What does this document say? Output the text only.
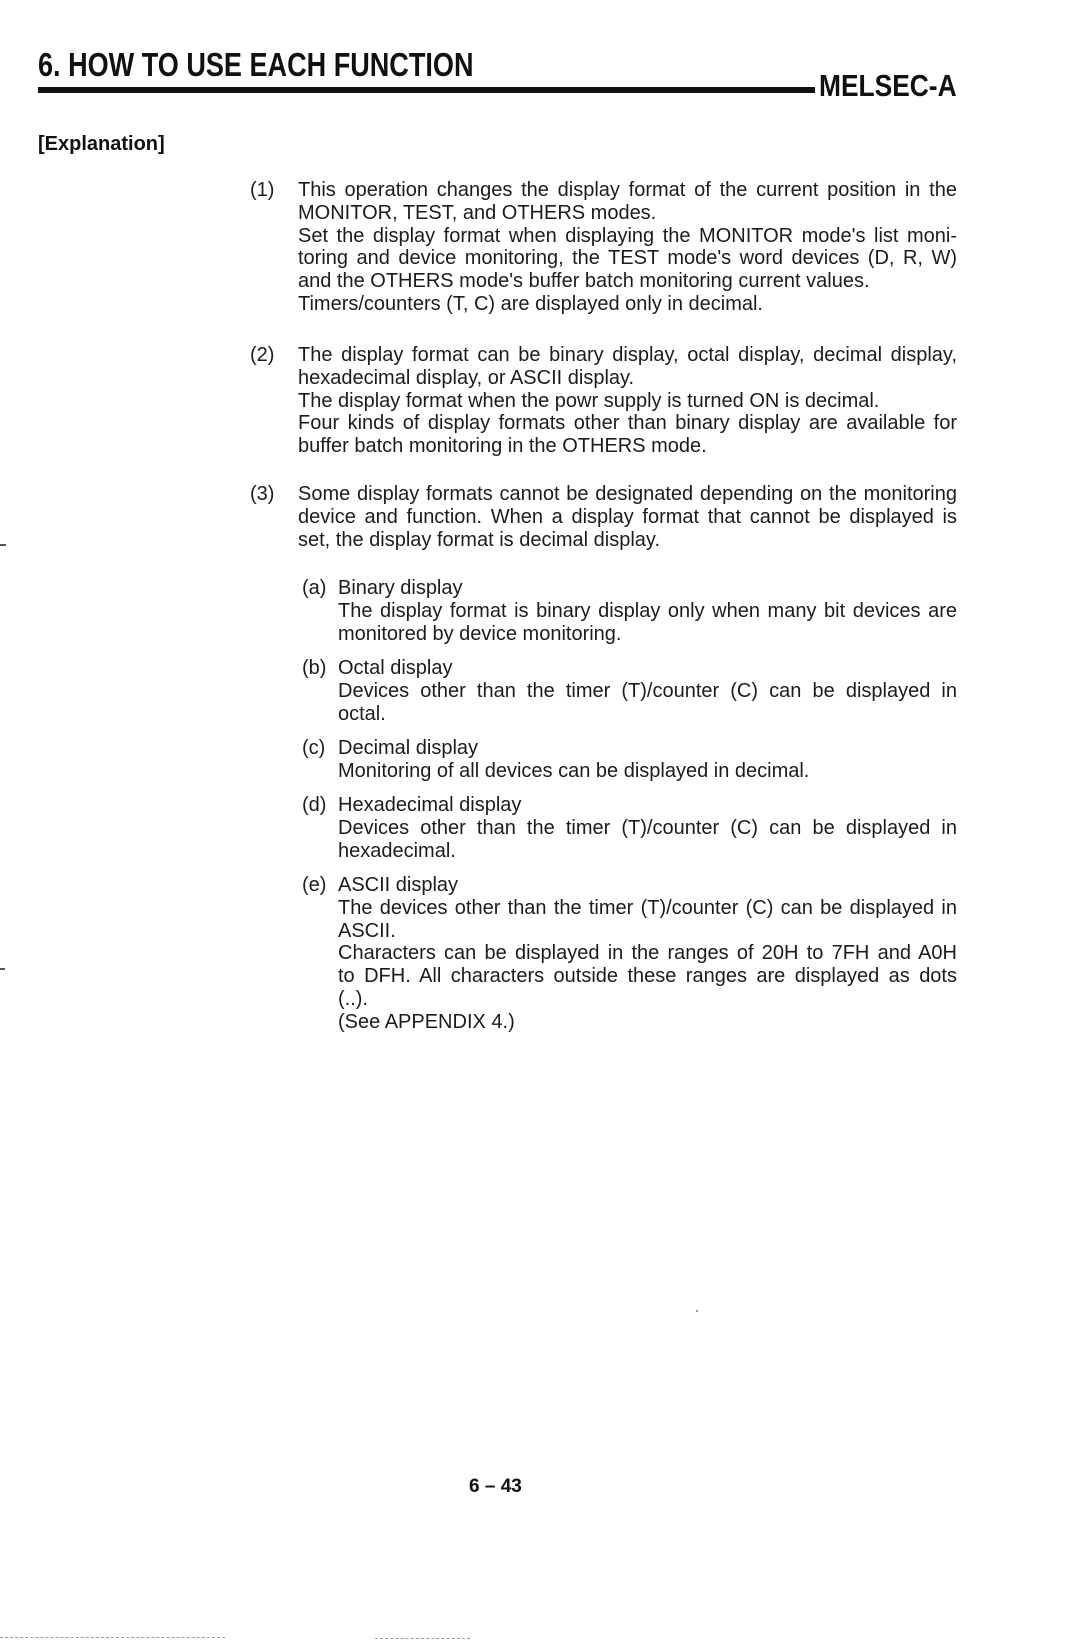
6. HOW TO USE EACH FUNCTION
MELSEC-A
[Explanation]
(1) This operation changes the display format of the current position in the
MONITOR, TEST, and OTHERS modes.
Set the display format when displaying the MONITOR mode's list moni-
toring and device monitoring, the TEST mode's word devices (D, R, W)
and the OTHERS mode's buffer batch monitoring current values.
Timers/counters (T, C) are displayed only in decimal.
(2) The display format can be binary display, octal display, decimal display,
hexadecimal display, or ASCII display.
The display format when the powr supply is turned ON is decimal.
Four kinds of display formats other than binary display are available for
buffer batch monitoring in the OTHERS mode.
(3) Some display formats cannot be designated depending on the monitoring
device and function. When a display format that cannot be displayed is
set, the display format is decimal display.
(a) Binary display
The display format is binary display only when many bit devices are
monitored by device monitoring.
(b) Octal display
Devices other than the timer (T)/counter (C) can be displayed in
octal.
(c) Decimal display
Monitoring of all devices can be displayed in decimal.
(d) Hexadecimal display
Devices other than the timer (T)/counter (C) can be displayed in
hexadecimal.
(e) ASCII display
The devices other than the timer (T)/counter (C) can be displayed in
ASCII.
Characters can be displayed in the ranges of 20H to 7FH and A0H
to DFH. All characters outside these ranges are displayed as dots
(..).
(See APPENDIX 4.)
6 – 43
